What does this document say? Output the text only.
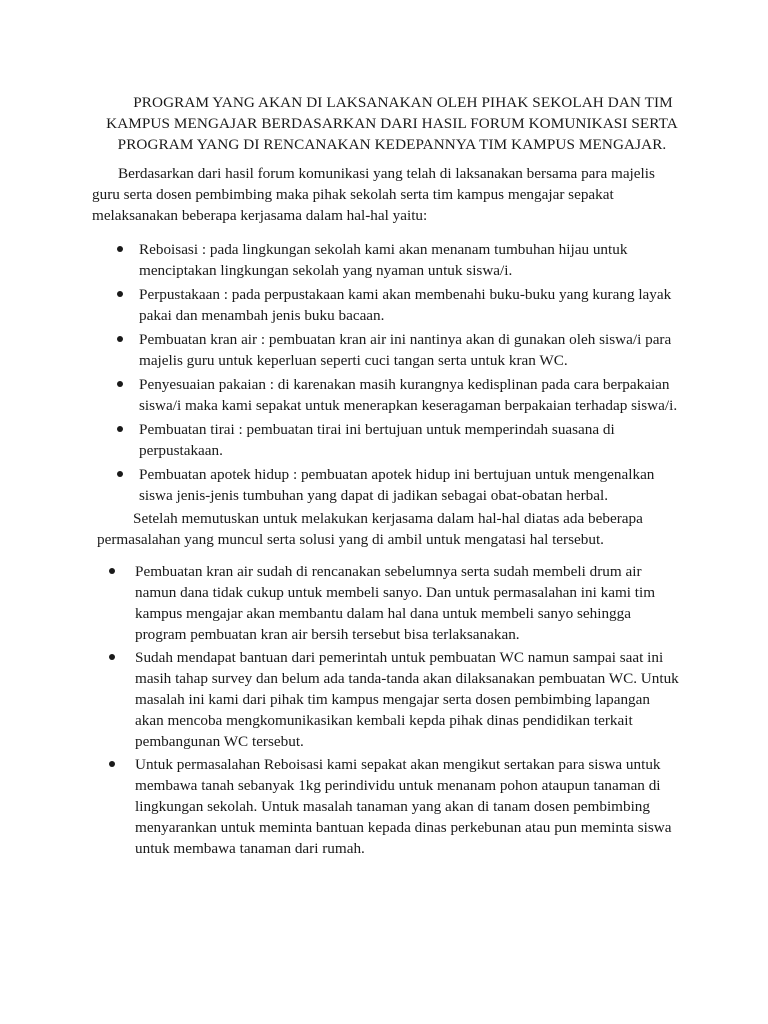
PROGRAM YANG AKAN DI LAKSANAKAN OLEH PIHAK SEKOLAH DAN TIM
KAMPUS MENGAJAR BERDASARKAN DARI HASIL FORUM KOMUNIKASI SERTA
PROGRAM YANG DI RENCANAKAN KEDEPANNYA TIM KAMPUS MENGAJAR.
Berdasarkan dari hasil forum komunikasi yang telah di laksanakan bersama para majelis
guru serta dosen pembimbing maka pihak sekolah serta tim kampus mengajar sepakat
melaksanakan beberapa kerjasama dalam hal-hal yaitu:
Reboisasi : pada lingkungan sekolah kami akan menanam tumbuhan hijau untuk
menciptakan lingkungan sekolah yang nyaman untuk siswa/i.
Perpustakaan : pada perpustakaan kami akan membenahi buku-buku yang kurang layak
pakai dan menambah jenis buku bacaan.
Pembuatan kran air : pembuatan kran air ini nantinya akan di gunakan oleh siswa/i para
majelis guru untuk keperluan seperti cuci tangan serta untuk kran WC.
Penyesuaian pakaian : di karenakan masih kurangnya kedisplinan pada cara berpakaian
siswa/i maka kami sepakat untuk menerapkan keseragaman berpakaian terhadap siswa/i.
Pembuatan tirai : pembuatan tirai ini bertujuan untuk memperindah suasana di
perpustakaan.
Pembuatan apotek hidup : pembuatan apotek hidup ini bertujuan untuk mengenalkan
siswa jenis-jenis tumbuhan yang dapat di jadikan sebagai obat-obatan herbal.
Setelah memutuskan untuk melakukan kerjasama dalam hal-hal diatas ada beberapa
permasalahan yang muncul serta solusi yang di ambil untuk mengatasi hal tersebut.
Pembuatan kran air sudah di rencanakan sebelumnya serta sudah membeli drum air
namun dana tidak cukup untuk membeli sanyo. Dan untuk permasalahan ini kami tim
kampus mengajar akan membantu dalam hal dana untuk membeli sanyo sehingga
program pembuatan kran air bersih tersebut bisa terlaksanakan.
Sudah mendapat bantuan dari pemerintah untuk pembuatan WC namun sampai saat ini
masih tahap survey dan belum ada tanda-tanda akan dilaksanakan pembuatan WC. Untuk
masalah ini kami dari pihak tim kampus mengajar serta dosen pembimbing lapangan
akan mencoba mengkomunikasikan kembali kepda pihak dinas pendidikan terkait
pembangunan WC tersebut.
Untuk permasalahan Reboisasi kami sepakat akan mengikut sertakan para siswa untuk
membawa tanah sebanyak 1kg perindividu untuk menanam pohon ataupun tanaman di
lingkungan sekolah. Untuk masalah tanaman yang akan di tanam dosen pembimbing
menyarankan untuk meminta bantuan kepada dinas perkebunan atau pun meminta siswa
untuk membawa tanaman dari rumah.
